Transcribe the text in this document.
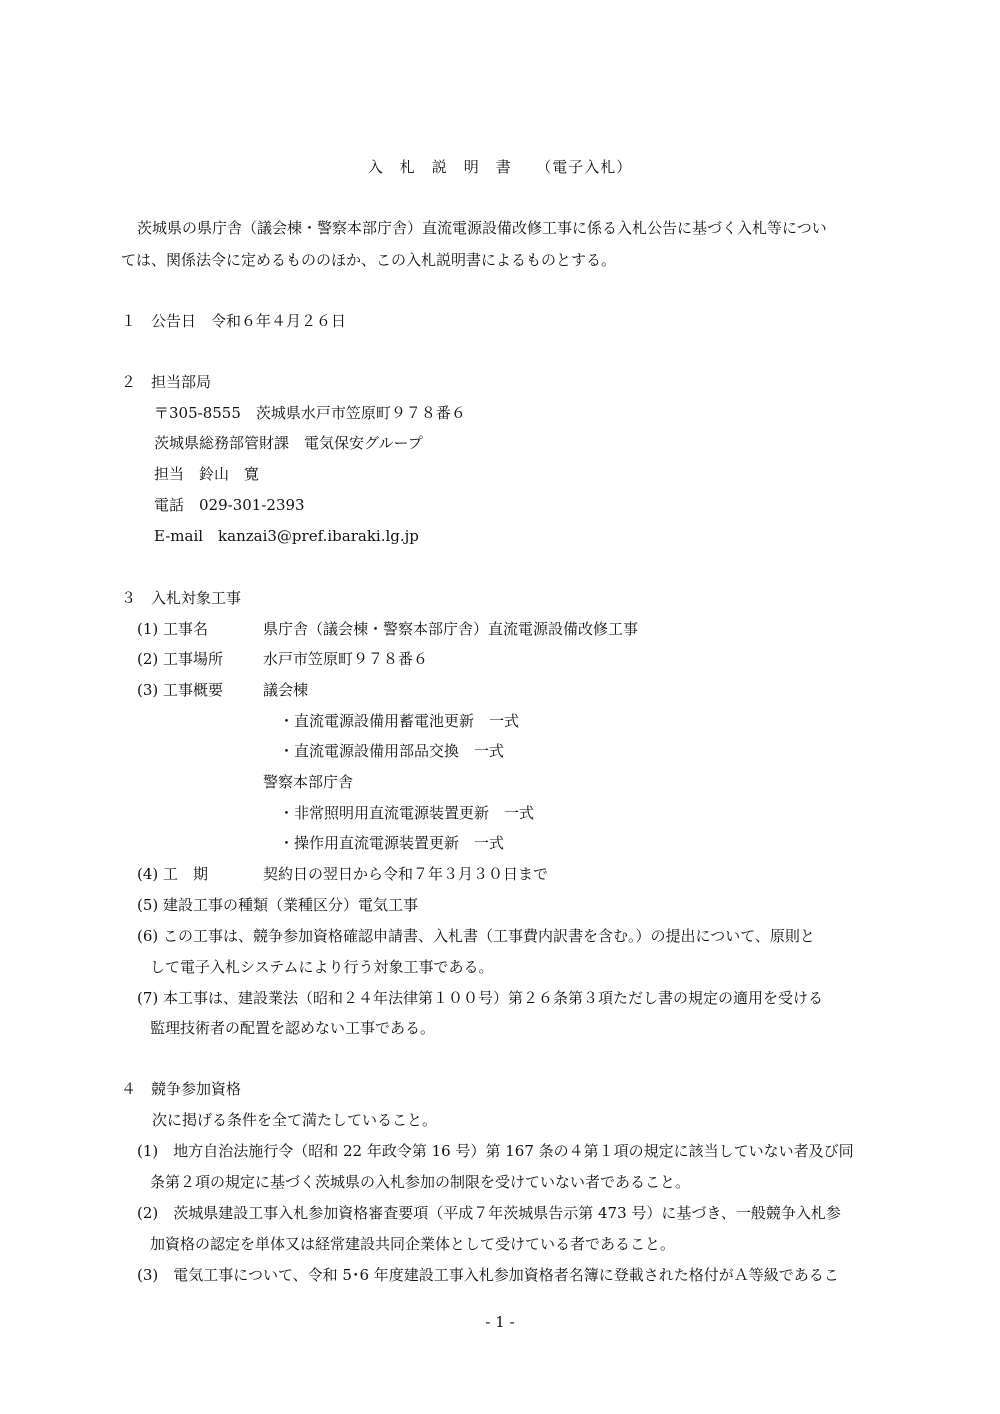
入　札　説　明　書　　（電子入札）
茨城県の県庁舎（議会棟・警察本部庁舎）直流電源設備改修工事に係る入札公告に基づく入札等につい
ては、関係法令に定めるもののほか、この入札説明書によるものとする。
１　公告日　令和６年４月２６日
２　担当部局
〒305-8555　茨城県水戸市笠原町９７８番６
茨城県総務部管財課　電気保安グループ
担当　鈴山　寛
電話　029-301-2393
E-mail　kanzai3@pref.ibaraki.lg.jp
３　入札対象工事
(1) 工事名	県庁舎（議会棟・警察本部庁舎）直流電源設備改修工事
(2) 工事場所	水戸市笠原町９７８番６
(3) 工事概要	議会棟
・直流電源設備用蓄電池更新　一式
・直流電源設備用部品交換　一式
警察本部庁舎
・非常照明用直流電源装置更新　一式
・操作用直流電源装置更新　一式
(4) 工　期	契約日の翌日から令和７年３月３０日まで
(5) 建設工事の種類（業種区分）電気工事
(6) この工事は、競争参加資格確認申請書、入札書（工事費内訳書を含む。）の提出について、原則と
して電子入札システムにより行う対象工事である。
(7) 本工事は、建設業法（昭和２４年法律第１００号）第２６条第３項ただし書の規定の適用を受ける
監理技術者の配置を認めない工事である。
４　競争参加資格
次に掲げる条件を全て満たしていること。
(1)　地方自治法施行令（昭和 22 年政令第 16 号）第 167 条の４第１項の規定に該当していない者及び同
条第２項の規定に基づく茨城県の入札参加の制限を受けていない者であること。
(2)　茨城県建設工事入札参加資格審査要項（平成７年茨城県告示第 473 号）に基づき、一般競争入札参
加資格の認定を単体又は経常建設共同企業体として受けている者であること。
(3)　電気工事について、令和 5･6 年度建設工事入札参加資格者名簿に登載された格付がＡ等級であるこ
- 1 -
